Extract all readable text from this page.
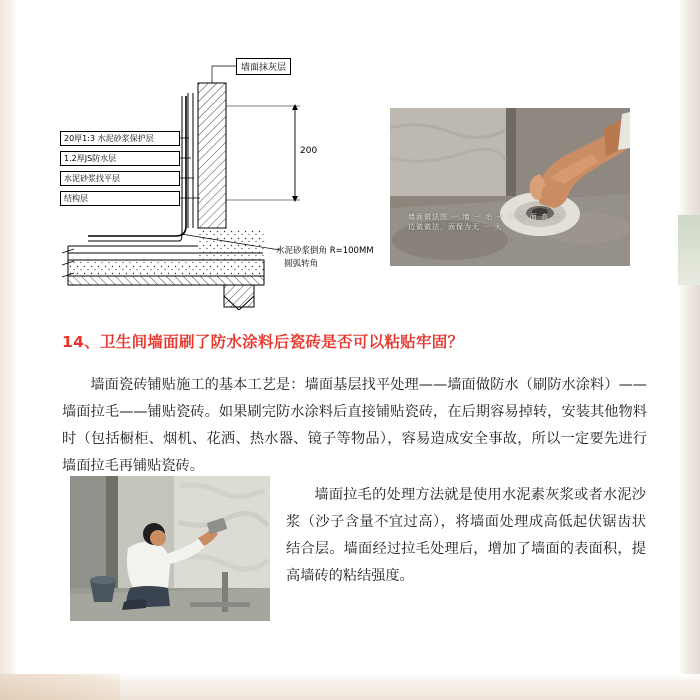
墙面抹灰层
20厚1:3 水泥砂浆保护层
1.2厚JS防水层
水泥砂浆找平层
结构层
200
水泥砂浆倒角 R=100MM
圆弧转角
墙面做法图 一 墙 一 毛 一 二 作 面 高 大
边做做法，面保为无 一 大
14、卫生间墙面刷了防水涂料后瓷砖是否可以粘贴牢固？
墙面瓷砖铺贴施工的基本工艺是：墙面基层找平处理——墙面做防水（刷防水涂料）——墙面拉毛——铺贴瓷砖。如果刷完防水涂料后直接铺贴瓷砖，在后期容易掉转，安装其他物料时（包括橱柜、烟机、花洒、热水器、镜子等物品），容易造成安全事故，所以一定要先进行墙面拉毛再铺贴瓷砖。
墙面拉毛的处理方法就是使用水泥素灰浆或者水泥沙浆（沙子含量不宜过高），将墙面处理成高低起伏锯齿状结合层。墙面经过拉毛处理后，增加了墙面的表面积，提高墙砖的粘结强度。
